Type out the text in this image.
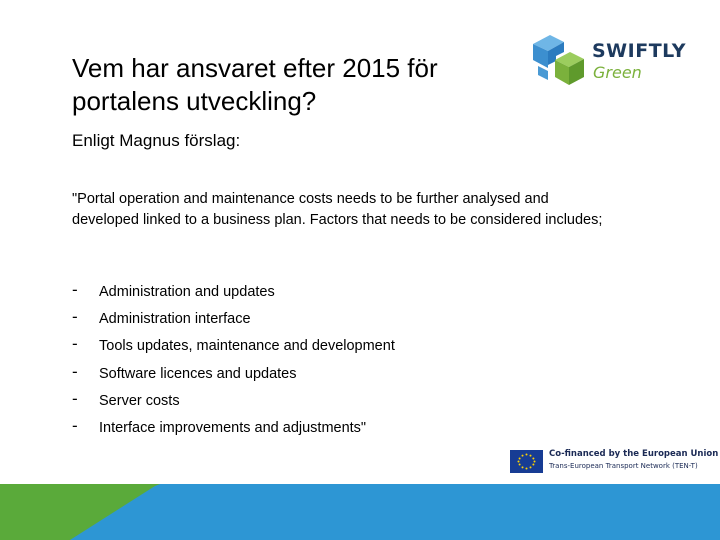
Vem har ansvaret efter 2015 för portalens utveckling?
SWIFTLY
Green
Enligt Magnus förslag:
"Portal operation and maintenance costs needs to be further analysed and developed linked to a business plan. Factors that needs to be considered includes;
- Administration and updates
- Administration interface
- Tools updates, maintenance and development
- Software licences and updates
- Server costs
- Interface improvements and adjustments"
Co-financed by the European Union
Trans-European Transport Network (TEN-T)
